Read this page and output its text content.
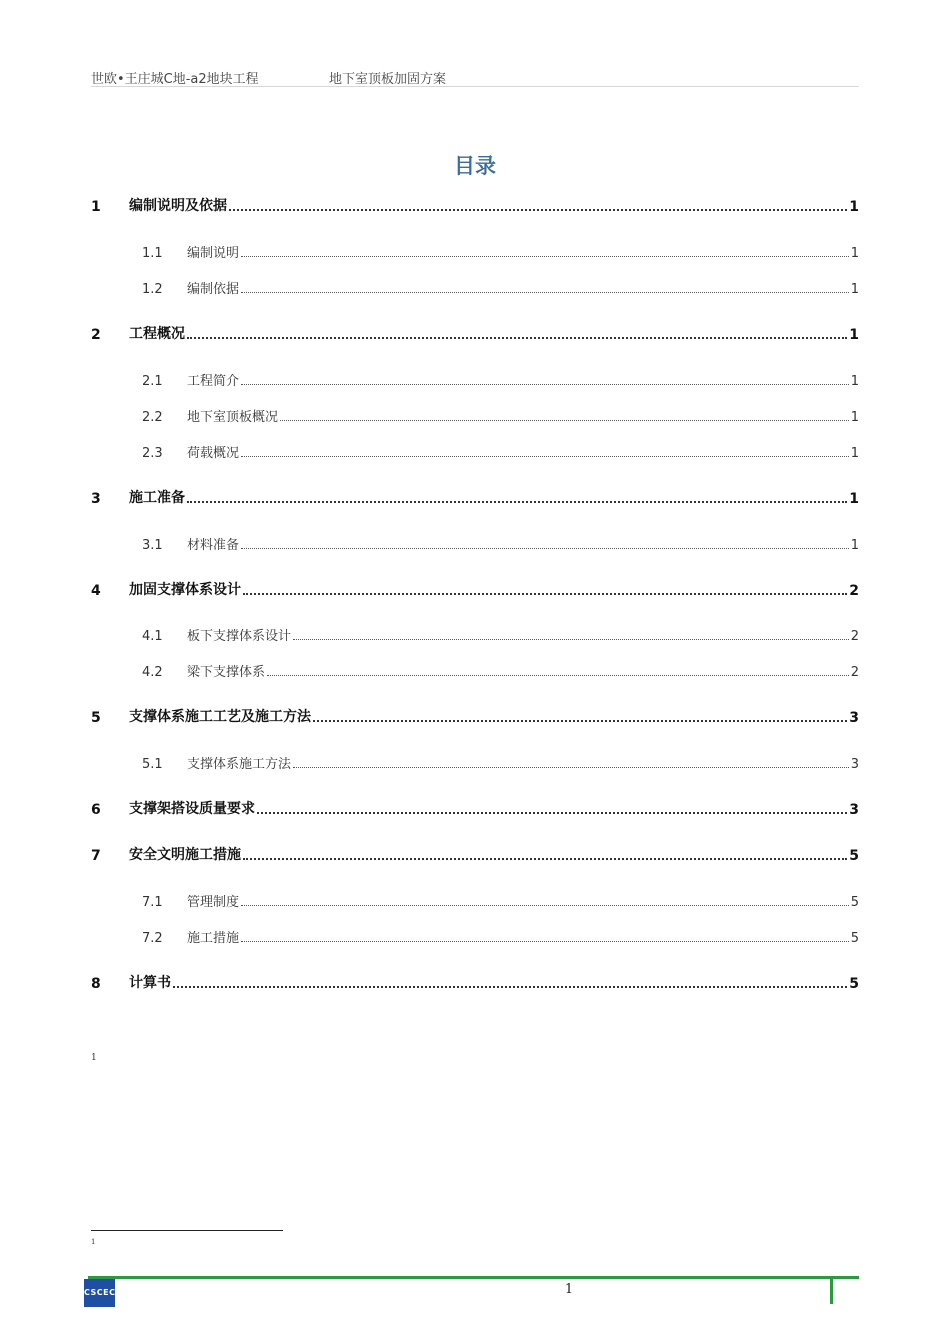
世欧•王庄城C地-a2地块工程	地下室顶板加固方案
目录
1	编制说明及依据	1
1.1	编制说明	1
1.2	编制依据	1
2	工程概况	1
2.1	工程简介	1
2.2	地下室顶板概况	1
2.3	荷载概况	1
3	施工准备	1
3.1	材料准备	1
4	加固支撑体系设计	2
4.1	板下支撑体系设计	2
4.2	梁下支撑体系	2
5	支撑体系施工工艺及施工方法	3
5.1	支撑体系施工方法	3
6	支撑架搭设质量要求	3
7	安全文明施工措施	5
7.1	管理制度	5
7.2	施工措施	5
8	计算书	5
1
1
CSCEC	1
